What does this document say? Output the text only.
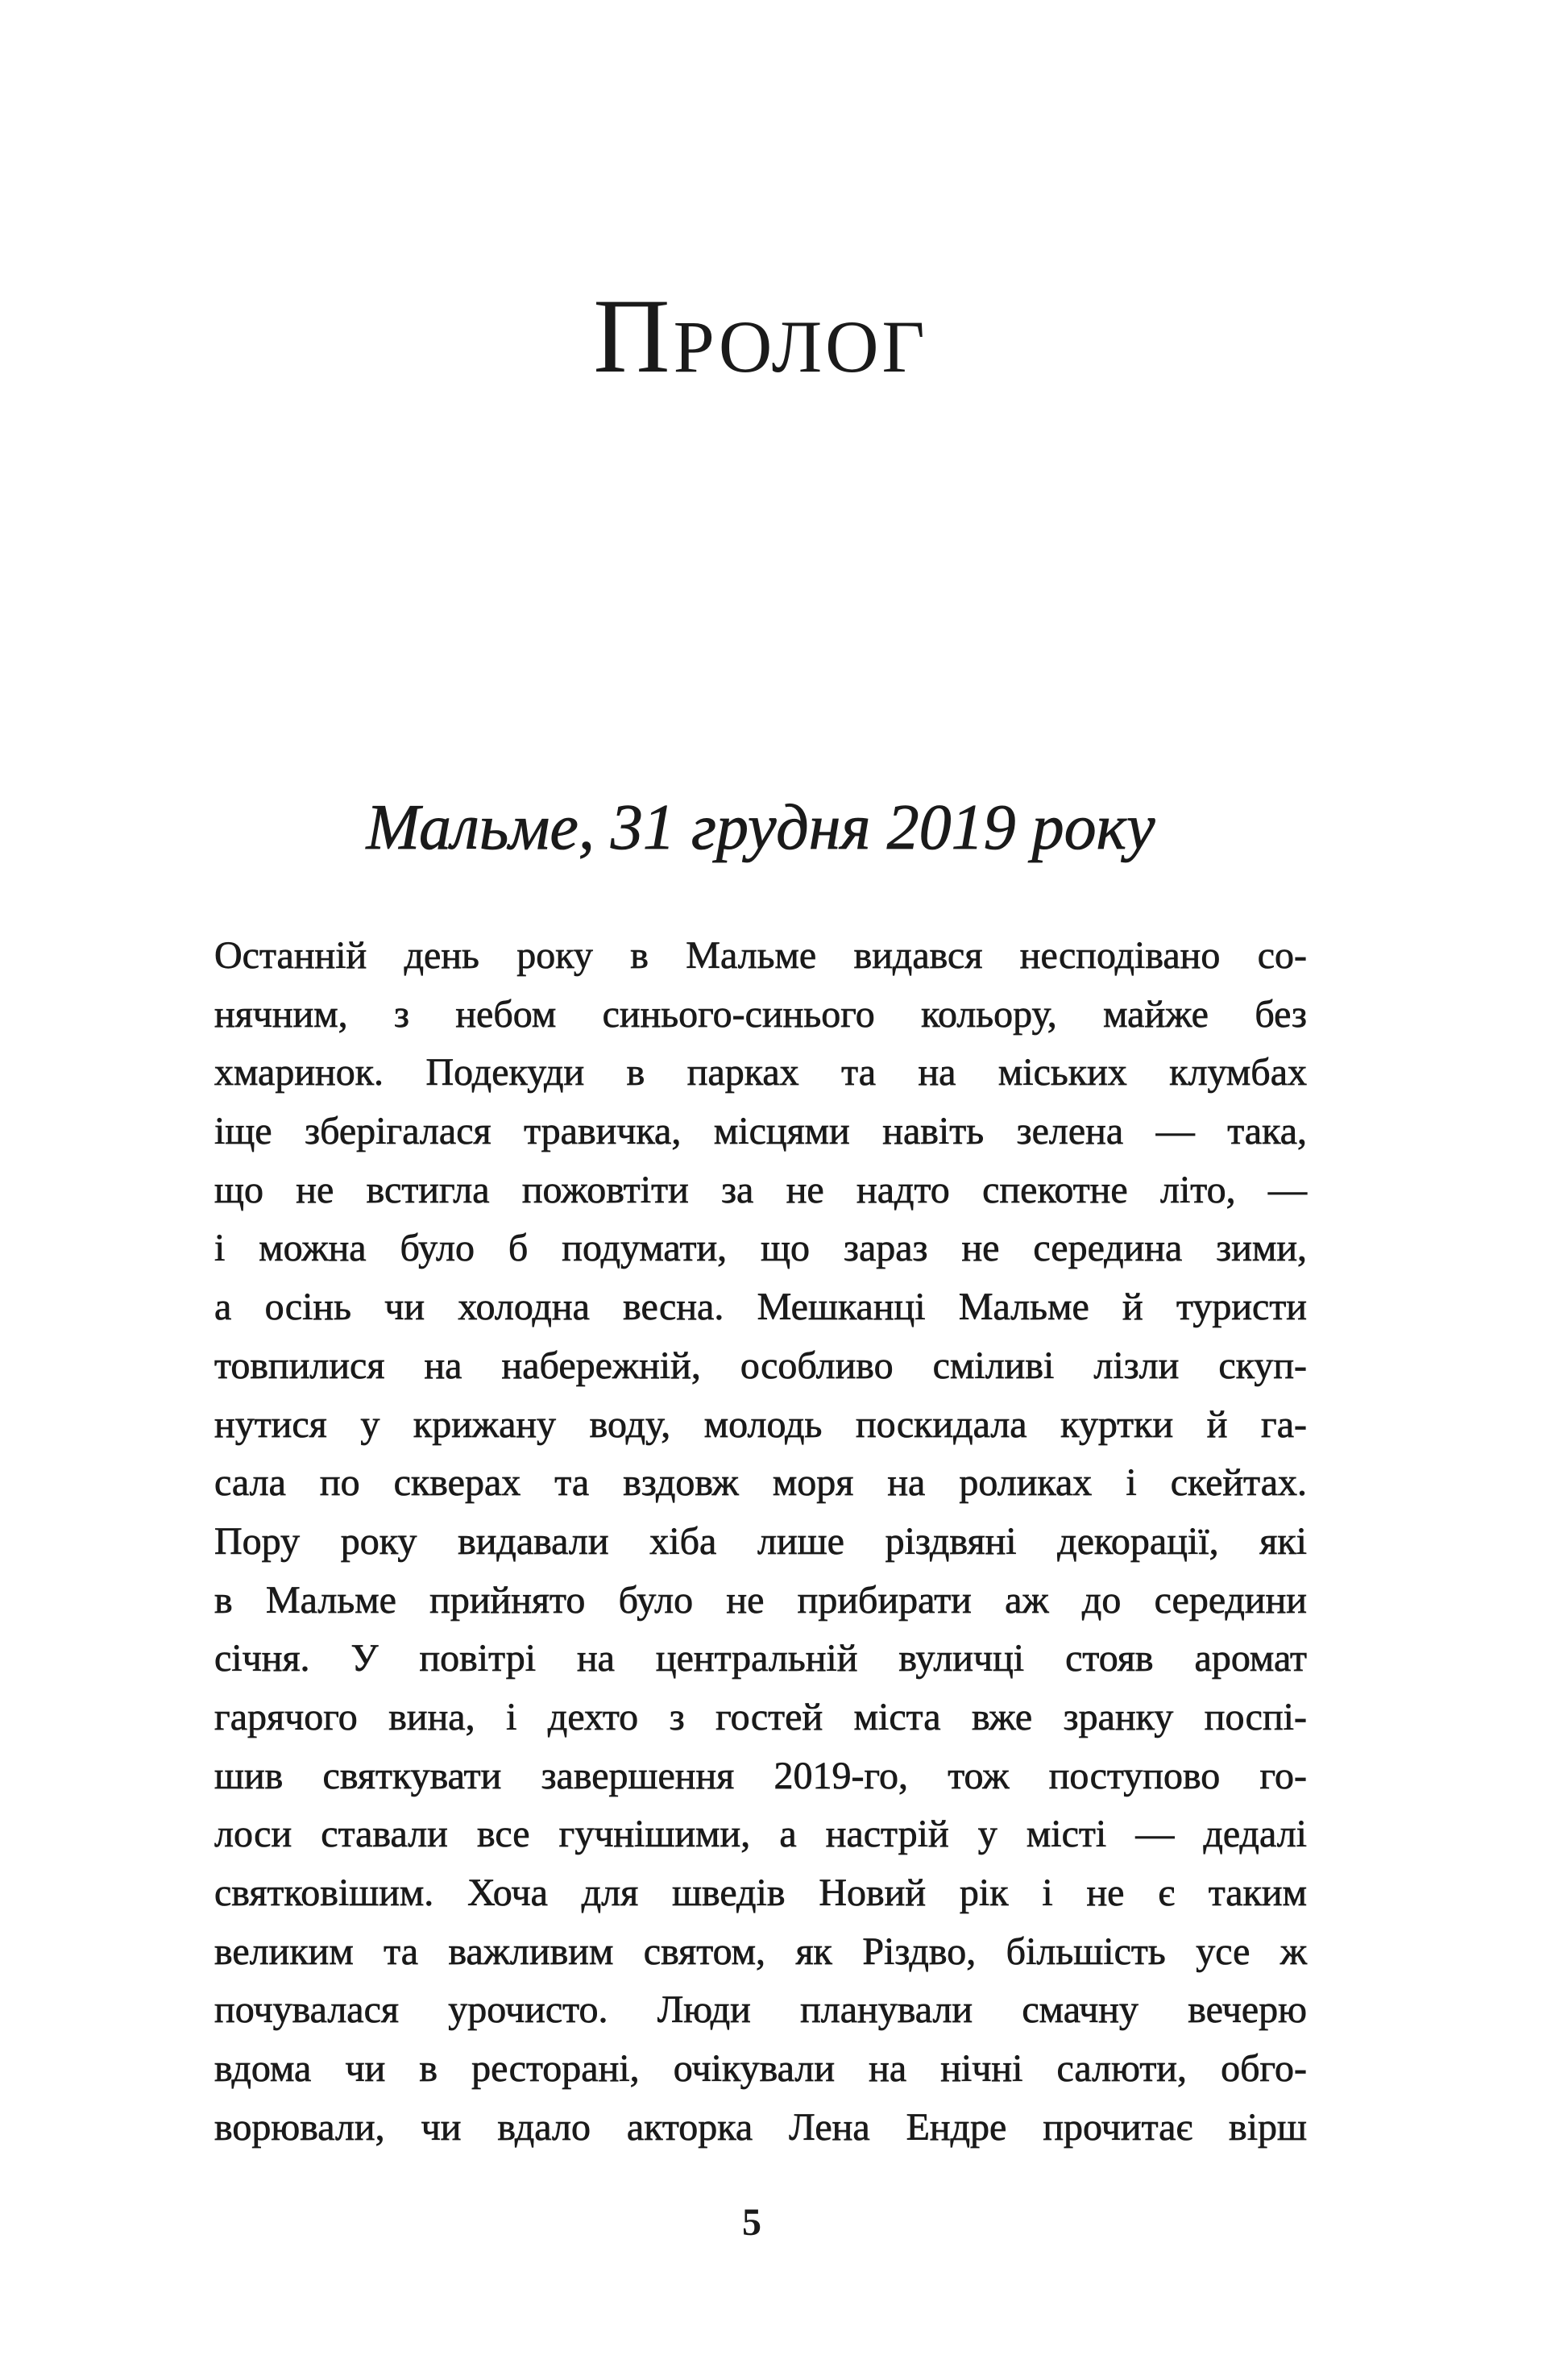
Пролог
Мальме, 31 грудня 2019 року
Останній день року в Мальме видався несподівано со-
нячним, з небом синього-синього кольору, майже без
хмаринок. Подекуди в парках та на міських клумбах
іще зберігалася травичка, місцями навіть зелена — така,
що не встигла пожовтіти за не надто спекотне літо, —
і можна було б подумати, що зараз не середина зими,
а осінь чи холодна весна. Мешканці Мальме й туристи
товпилися на набережній, особливо сміливі лізли скуп-
нутися у крижану воду, молодь поскидала куртки й га-
сала по скверах та вздовж моря на роликах і скейтах.
Пору року видавали хіба лише різдвяні декорації, які
в Мальме прийнято було не прибирати аж до середини
січня. У повітрі на центральній вуличці стояв аромат
гарячого вина, і дехто з гостей міста вже зранку поспі-
шив святкувати завершення 2019-го, тож поступово го-
лоси ставали все гучнішими, а настрій у місті — дедалі
святковішим. Хоча для шведів Новий рік і не є таким
великим та важливим святом, як Різдво, більшість усе ж
почувалася урочисто. Люди планували смачну вечерю
вдома чи в ресторані, очікували на нічні салюти, обго-
ворювали, чи вдало акторка Лена Ендре прочитає вірш
5
